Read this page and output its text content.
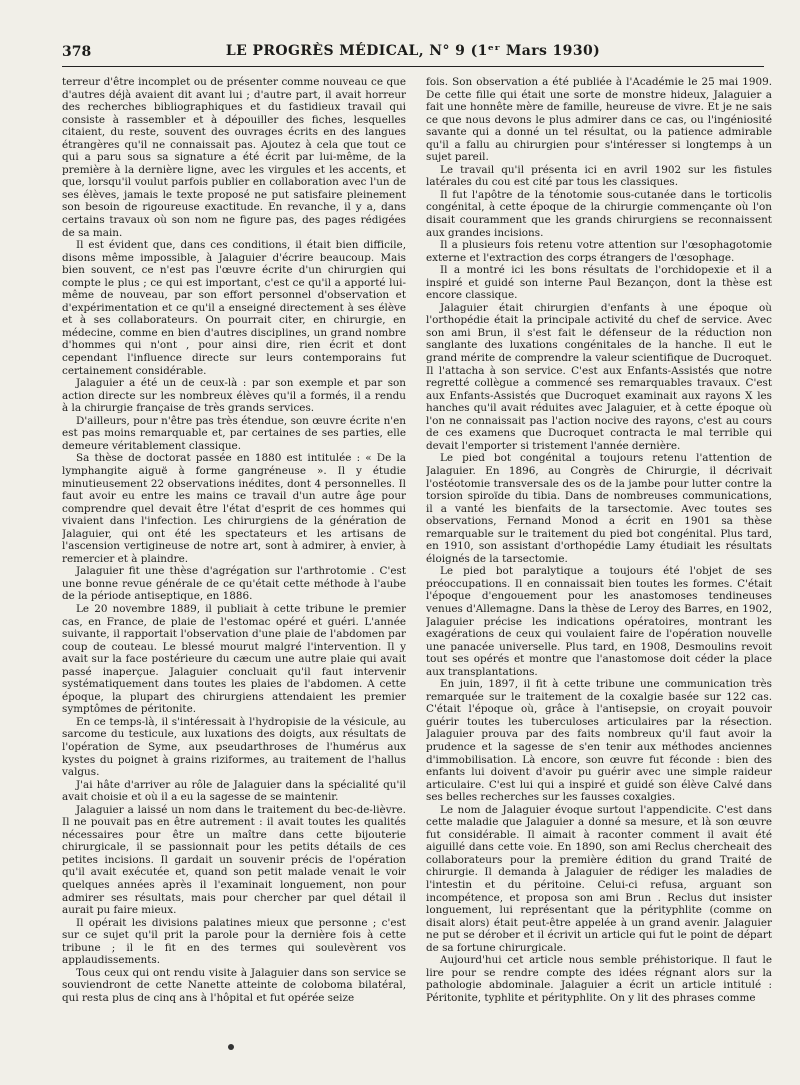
378	LE PROGRÈS MÉDICAL, N° 9 (1ᵉʳ Mars 1930)

terreur d'être incomplet ou de présenter comme nouveau ce que d'autres déjà avaient dit avant lui ; d'autre part, il avait horreur des recherches bibliographiques et du fastidieux travail qui consiste à rassembler et à dépouiller des fiches, lesquelles citaient, du reste, souvent des ouvrages écrits en des langues étrangères qu'il ne connaissait pas. Ajoutez à cela que tout ce qui a paru sous sa signature a été écrit par lui-même, de la première à la dernière ligne, avec les virgules et les accents, et que, lorsqu'il voulut parfois publier en collaboration avec l'un de ses élèves, jamais le texte proposé ne put satisfaire pleinement son besoin de rigoureuse exactitude. En revanche, il y a, dans certains travaux où son nom ne figure pas, des pages rédigées de sa main.

Il est évident que, dans ces conditions, il était bien difficile, disons même impossible, à Jalaguier d'écrire beaucoup. Mais bien souvent, ce n'est pas l'œuvre écrite d'un chirurgien qui compte le plus ; ce qui est important, c'est ce qu'il a apporté lui-même de nouveau, par son effort personnel d'observation et d'expérimentation et ce qu'il a enseigné directement à ses élève et à ses collaborateurs. On pourrait citer, en chirurgie, en médecine, comme en bien d'autres disciplines, un grand nombre d'hommes qui n'ont , pour ainsi dire, rien écrit et dont cependant l'influence directe sur leurs contemporains fut certainement considérable.

Jalaguier a été un de ceux-là : par son exemple et par son action directe sur les nombreux élèves qu'il a formés, il a rendu à la chirurgie française de très grands services.

D'ailleurs, pour n'être pas très étendue, son œuvre écrite n'en est pas moins remarquable et, par certaines de ses parties, elle demeure véritablement classique.

Sa thèse de doctorat passée en 1880 est intitulée : « De la lymphangite aiguë à forme gangréneuse ». Il y étudie minutieusement 22 observations inédites, dont 4 personnelles. Il faut avoir eu entre les mains ce travail d'un autre âge pour comprendre quel devait être l'état d'esprit de ces hommes qui vivaient dans l'infection. Les chirurgiens de la génération de Jalaguier, qui ont été les spectateurs et les artisans de l'ascension vertigineuse de notre art, sont à admirer, à envier, à remercier et à plaindre.

Jalaguier fit une thèse d'agrégation sur l'arthrotomie . C'est une bonne revue générale de ce qu'était cette méthode à l'aube de la période antiseptique, en 1886.

Le 20 novembre 1889, il publiait à cette tribune le premier cas, en France, de plaie de l'estomac opéré et guéri. L'année suivante, il rapportait l'observation d'une plaie de l'abdomen par coup de couteau. Le blessé mourut malgré l'intervention. Il y avait sur la face postérieure du cæcum une autre plaie qui avait passé inaperçue. Jalaguier concluait qu'il faut intervenir systématiquement dans toutes les plaies de l'abdomen. A cette époque, la plupart des chirurgiens attendaient les premier symptômes de péritonite.

En ce temps-là, il s'intéressait à l'hydropisie de la vésicule, au sarcome du testicule, aux luxations des doigts, aux résultats de l'opération de Syme, aux pseudarthroses de l'humérus aux kystes du poignet à grains riziformes, au traitement de l'hallus valgus.

J'ai hâte d'arriver au rôle de Jalaguier dans la spécialité qu'il avait choisie et où il a eu la sagesse de se maintenir.

Jalaguier a laissé un nom dans le traitement du bec-de-lièvre. Il ne pouvait pas en être autrement : il avait toutes les qualités nécessaires pour être un maître dans cette bijouterie chirurgicale, il se passionnait pour les petits détails de ces petites incisions. Il gardait un souvenir précis de l'opération qu'il avait exécutée et, quand son petit malade venait le voir quelques années après il l'examinait longuement, non pour admirer ses résultats, mais pour chercher par quel détail il aurait pu faire mieux.

Il opérait les divisions palatines mieux que personne ; c'est sur ce sujet qu'il prit la parole pour la dernière fois à cette tribune ; il le fit en des termes qui soulevèrent vos applaudissements.

Tous ceux qui ont rendu visite à Jalaguier dans son service se souviendront de cette Nanette atteinte de coloboma bilatéral, qui resta plus de cinq ans à l'hôpital et fut opérée seize

fois. Son observation a été publiée à l'Académie le 25 mai 1909. De cette fille qui était une sorte de monstre hideux, Jalaguier a fait une honnête mère de famille, heureuse de vivre. Et je ne sais ce que nous devons le plus admirer dans ce cas, ou l'ingéniosité savante qui a donné un tel résultat, ou la patience admirable qu'il a fallu au chirurgien pour s'intéresser si longtemps à un sujet pareil.

Le travail qu'il présenta ici en avril 1902 sur les fistules latérales du cou est cité par tous les classiques.

Il fut l'apôtre de la ténotomie sous-cutanée dans le torticolis congénital, à cette époque de la chirurgie commençante où l'on disait couramment que les grands chirurgiens se reconnaissent aux grandes incisions.

Il a plusieurs fois retenu votre attention sur l'œsophagotomie externe et l'extraction des corps étrangers de l'œsophage.

Il a montré ici les bons résultats de l'orchidopexie et il a inspiré et guidé son interne Paul Bezançon, dont la thèse est encore classique.

Jalaguier était chirurgien d'enfants à une époque où l'orthopédie était la principale activité du chef de service. Avec son ami Brun, il s'est fait le défenseur de la réduction non sanglante des luxations congénitales de la hanche. Il eut le grand mérite de comprendre la valeur scientifique de Ducroquet. Il l'attacha à son service. C'est aux Enfants-Assistés que notre regretté collègue a commencé ses remarquables travaux. C'est aux Enfants-Assistés que Ducroquet examinait aux rayons X les hanches qu'il avait réduites avec Jalaguier, et à cette époque où l'on ne connaissait pas l'action nocive des rayons, c'est au cours de ces examens que Ducroquet contracta le mal terrible qui devait l'emporter si tristement l'année dernière.

Le pied bot congénital a toujours retenu l'attention de Jalaguier. En 1896, au Congrès de Chirurgie, il décrivait l'ostéotomie transversale des os de la jambe pour lutter contre la torsion spiroïde du tibia. Dans de nombreuses communications, il a vanté les bienfaits de la tarsectomie. Avec toutes ses observations, Fernand Monod a écrit en 1901 sa thèse remarquable sur le traitement du pied bot congénital. Plus tard, en 1910, son assistant d'orthopédie Lamy étudiait les résultats éloignés de la tarsectomie.

Le pied bot paralytique a toujours été l'objet de ses préoccupations. Il en connaissait bien toutes les formes. C'était l'époque d'engouement pour les anastomoses tendineuses venues d'Allemagne. Dans la thèse de Leroy des Barres, en 1902, Jalaguier précise les indications opératoires, montrant les exagérations de ceux qui voulaient faire de l'opération nouvelle une panacée universelle. Plus tard, en 1908, Desmoulins revoit tout ses opérés et montre que l'anastomose doit céder la place aux transplantations.

En juin, 1897, il fit à cette tribune une communication très remarquée sur le traitement de la coxalgie basée sur 122 cas. C'était l'époque où, grâce à l'antisepsie, on croyait pouvoir guérir toutes les tuberculoses articulaires par la résection. Jalaguier prouva par des faits nombreux qu'il faut avoir la prudence et la sagesse de s'en tenir aux méthodes anciennes d'immobilisation. Là encore, son œuvre fut féconde : bien des enfants lui doivent d'avoir pu guérir avec une simple raideur articulaire. C'est lui qui a inspiré et guidé son élève Calvé dans ses belles recherches sur les fausses coxalgies.

Le nom de Jalaguier évoque surtout l'appendicite. C'est dans cette maladie que Jalaguier a donné sa mesure, et là son œuvre fut considérable. Il aimait à raconter comment il avait été aiguillé dans cette voie. En 1890, son ami Reclus chercheait des collaborateurs pour la première édition du grand Traité de chirurgie. Il demanda à Jalaguier de rédiger les maladies de l'intestin et du péritoine. Celui-ci refusa, arguant son incompétence, et proposa son ami Brun . Reclus dut insister longuement, lui représentant que la pérityphlite (comme on disait alors) était peut-être appelée à un grand avenir. Jalaguier ne put se dérober et il écrivit un article qui fut le point de départ de sa fortune chirurgicale.

Aujourd'hui cet article nous semble préhistorique. Il faut le lire pour se rendre compte des idées régnant alors sur la pathologie abdominale. Jalaguier a écrit un article intitulé : Péritonite, typhlite et pérityphlite. On y lit des phrases comme
